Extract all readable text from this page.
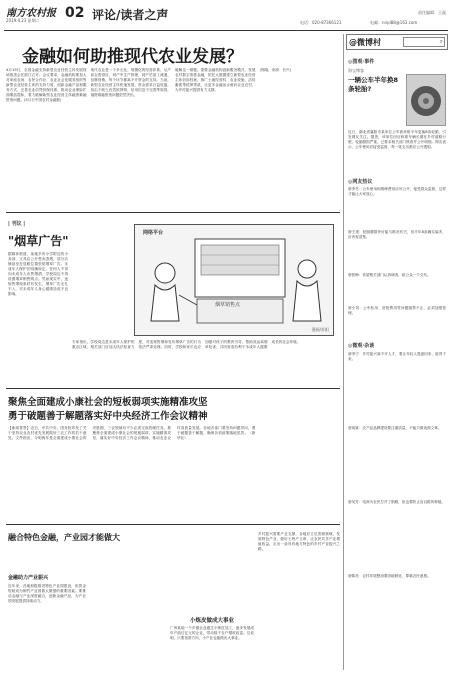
南方农村报
2019.4.23 星期二 02 评论/读者之声	责任编辑：王磊
电话：020-87366121	电邮：nnpl88@163.com
金融如何助推现代农业发展？
4月19日，全国金融支持新型农业经营主体发展现场推进会在浙江召开。会议要求，金融机构要加大对家庭农场、农民合作社、农业社会化服务组织等新型农业经营主体的支持力度，创新金融产品和服务方式，完善农业信贷担保体系，推动农业保险扩面增品提标，着力破解新型农业经营主体融资难融资贵问题。(5月日中国农村金融报)
现代农业是一个多元化、规模化的经营体系，从产前农资供应，到产中生产管理，到产后加工流通、品牌营销，每个环节都离不开资金的支持。当前，新型农业经营主体快速发展，资金需求日益旺盛，但由于缺乏有效抵押物、信用信息不完善等原因，融资难融资贵问题依然突出。
破解这一难题，需要金融机构创新服务模式，发展农村数字普惠金融，依托大数据建立新型农业经营主体信用档案，推广土地经营权、农业设施、活体畜禽等抵押贷款，让更多金融活水流向农业农村，为乡村振兴提供有力支撑。
(郭晓，来源：长兴)
| 刊议 |
"烟草广告"
据媒体报道，某地多所小学附近的小卖部、文具店公开售卖香烟，部分店铺甚至在显眼位置张贴烟草广告。未成年人保护法明确规定，任何人不得向未成年人出售烟酒，学校周边不得设置烟草销售网点。然而现实中，违规售烟现象时有发生，烟草广告无孔不入，对未成年人身心健康造成不良影响。
网络平台
烟草销售点
漫画/苏阳
专家指出，学校周边是未成年人保护的重点区域，相关部门应加大执法检查力度，对违规售烟和发布烟草广告的行为依法严肃处理。同时，学校和家长也应加强对孩子的教育引导，帮助其远离烟草危害，共同营造有利于未成年人健康成长的社会环境。
聚焦全面建成小康社会的短板弱项实施精准攻坚
勇于破题善于解题落实好中央经济工作会议精神
【新闻背景】近日，中共中央、国务院印发了关于坚持农业农村优先发展做好三农工作的若干意见。文件指出，今明两年是全面建成小康社会的决胜期，三农领域有不少必须完成的硬任务。要聚焦全面建成小康社会的短板弱项，实施精准攻坚，落实好中央经济工作会议精神，推动农业农村高质量发展。各地各部门要坚持问题导向，勇于破题善于解题，确保各项政策落地见效。（新华社）
融合特色金融，产业园才能做大
金融助力产业振兴
近年来，各地积极推进特色产业园建设，但资金短缺成为制约产业园做大做强的重要因素。要推动金融与产业深度融合，创新金融产品，为产业园发展提供持续动力。
小炼皮做成大事业
广州某地一个乡镇企业通过小炼皮加工，逐步发展成年产值过亿元的企业，带动数千农户增收致富。这说明，只要找准方向，小产业也能做出大事业。
乡村振兴需要产业支撑，各地应立足资源禀赋，发展特色产业，做好土特产文章，让农民共享产业增值收益，走出一条具有地方特色的乡村产业振兴之路。
@微博村	⌕
◎图观·事件
海宝博客
一辆公车半年换8条轮胎?
近日，湖北省襄阳市某单位公车被举报半年更换8条轮胎，引发网友关注。据悉，该单位回应称系车辆长期在乡村道路行驶，轮胎磨损严重，已要求相关部门核查并公开明细。网友表示，公车使用应接受监督，每一笔支出都应公开透明。
◎网友热议
@李冬：公车使用和维修费用应该公开，接受群众监督，这样才能让大家放心。
@王建：轮胎磨损快可能与路况有关，但半年8条确实偏多，应该查清楚。
@张梅：希望相关部门认真调查，给公众一个交代。
@小刘：公车私用、虚报费用等问题屡禁不止，必须加强管理。
◎微观·杂谈
@李宁：乡村振兴离不开人才，要让年轻人愿意回来、留得下来。
@周斌：农产品品牌建设要注重质量，不能只做表面文章。
@吴芳：电商为农民打开了销路，但也要防止盲目跟风种植。
@陈亮：农村环境整治要因地制宜，尊重农民意愿。
